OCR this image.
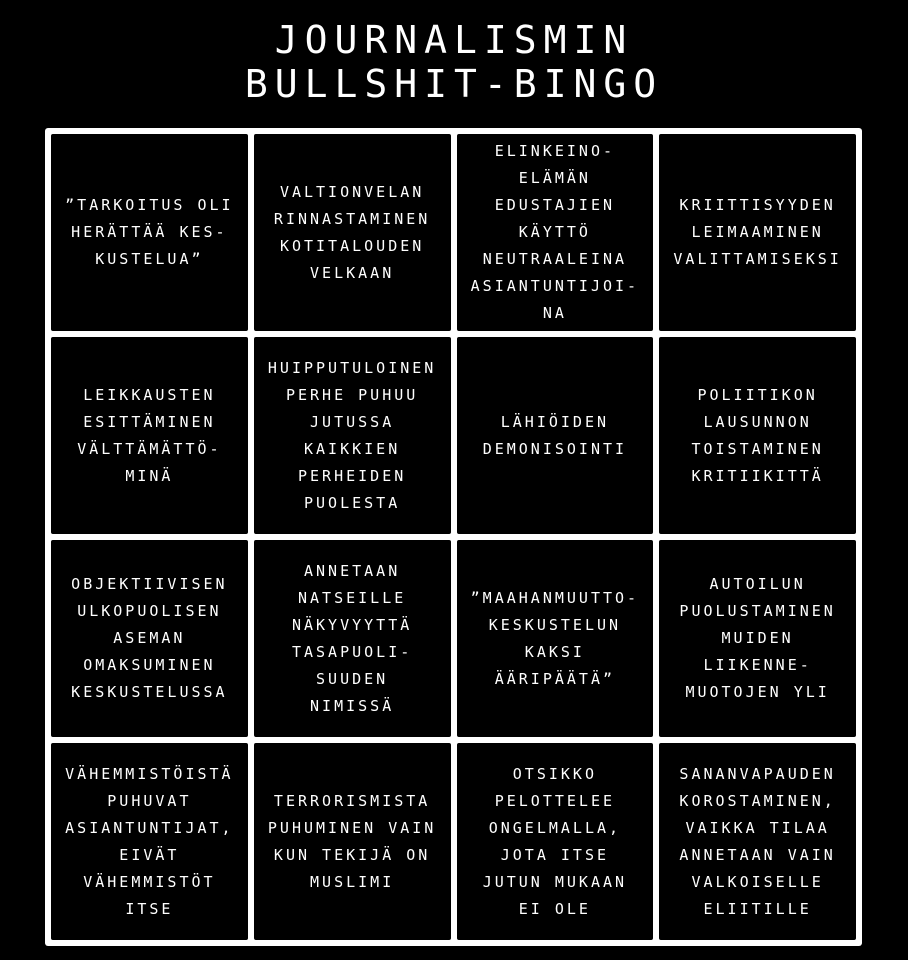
JOURNALISMIN
BULLSHIT-BINGO
”TARKOITUS OLI
HERÄTTÄÄ KES-
KUSTELUA”
VALTIONVELAN
RINNASTAMINEN
KOTITALOUDEN
VELKAAN
ELINKEINO-
ELÄMÄN
EDUSTAJIEN
KÄYTTÖ
NEUTRAALEINA
ASIANTUNTIJOI-
NA
KRIITTISYYDEN
LEIMAAMINEN
VALITTAMISEKSI
LEIKKAUSTEN
ESITTÄMINEN
VÄLTTÄMÄTTÖ-
MINÄ
HUIPPUTULOINEN
PERHE PUHUU
JUTUSSA
KAIKKIEN
PERHEIDEN
PUOLESTA
LÄHIÖIDEN
DEMONISOINTI
POLIITIKON
LAUSUNNON
TOISTAMINEN
KRITIIKITTÄ
OBJEKTIIVISEN
ULKOPUOLISEN
ASEMAN
OMAKSUMINEN
KESKUSTELUSSA
ANNETAAN
NATSEILLE
NÄKYVYYTTÄ
TASAPUOLI-
SUUDEN
NIMISSÄ
”MAAHANMUUTTO-
KESKUSTELUN
KAKSI
ÄÄRIPÄÄTÄ”
AUTOILUN
PUOLUSTAMINEN
MUIDEN
LIIKENNE-
MUOTOJEN YLI
VÄHEMMISTÖISTÄ
PUHUVAT
ASIANTUNTIJAT,
EIVÄT
VÄHEMMISTÖT
ITSE
TERRORISMISTA
PUHUMINEN VAIN
KUN TEKIJÄ ON
MUSLIMI
OTSIKKO
PELOTTELEE
ONGELMALLA,
JOTA ITSE
JUTUN MUKAAN
EI OLE
SANANVAPAUDEN
KOROSTAMINEN,
VAIKKA TILAA
ANNETAAN VAIN
VALKOISELLE
ELIITILLE
